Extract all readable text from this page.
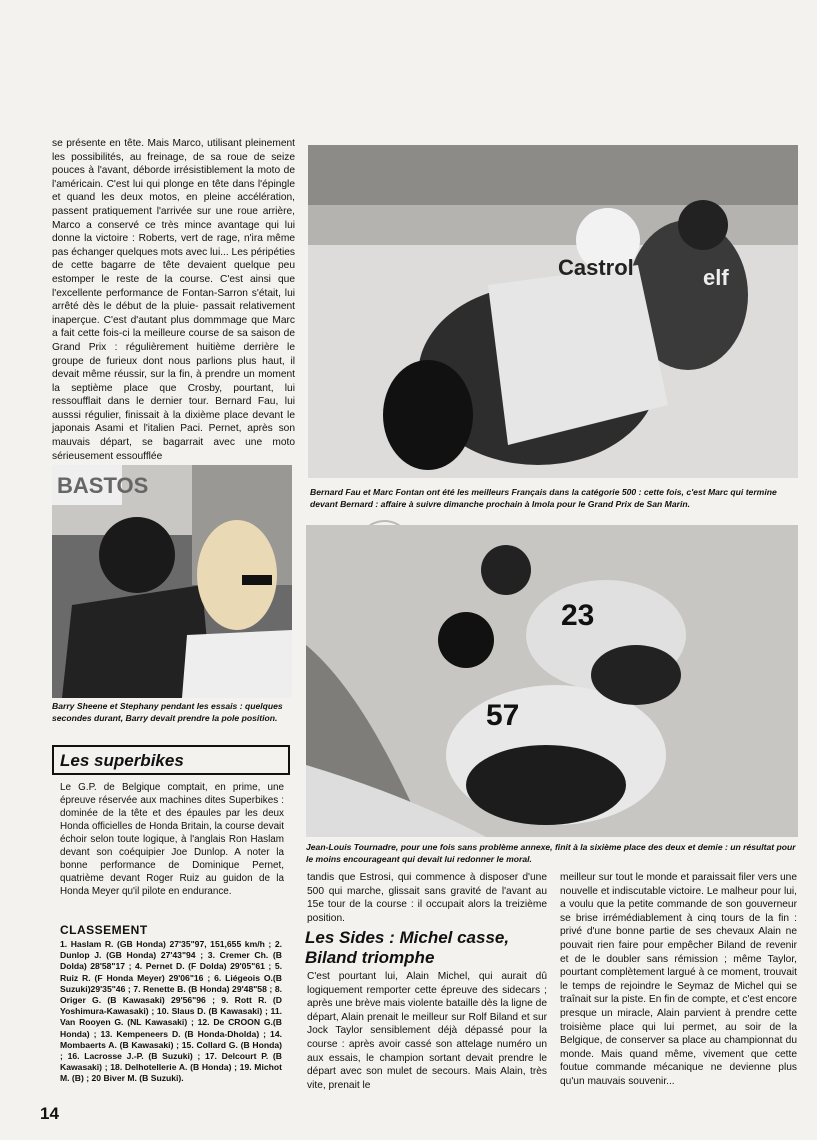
se présente en tête. Mais Marco, utilisant pleinement les possibilités, au freinage, de sa roue de seize pouces à l'avant, déborde irrésistiblement la moto de l'américain. C'est lui qui plonge en tête dans l'épingle et quand les deux motos, en pleine accélération, passent pratiquement l'arrivée sur une roue arrière, Marco a conservé ce très mince avantage qui lui donne la victoire : Roberts, vert de rage, n'ira même pas échanger quelques mots avec lui... Les péripéties de cette bagarre de tête devaient quelque peu estomper le reste de la course. C'est ainsi que l'excellente performance de Fontan-Sarron s'était, lui arrêté dès le début de la pluie- passait relativement inaperçue. C'est d'autant plus dommmage que Marc a fait cette fois-ci la meilleure course de sa saison de Grand Prix : régulièrement huitième derrière le groupe de furieux dont nous parlions plus haut, il devait même réussir, sur la fin, à prendre un moment la septième place que Crosby, pourtant, lui ressoufflait dans le dernier tour. Bernard Fau, lui ausssi régulier, finissait à la dixième place devant le japonais Asami et l'italien Paci. Pernet, après son mauvais départ, se bagarrait avec une moto sérieusement essoufflée
Castrol	elf
Bernard Fau et Marc Fontan ont été les meilleurs Français dans la catégorie 500 : cette fois, c'est Marc qui termine devant Bernard : affaire à suivre dimanche prochain à Imola pour le Grand Prix de San Marin.
BASTOS
Barry Sheene et Stephany pendant les essais : quelques secondes durant, Barry devait prendre la pole position.	57
23
Jean-Louis Tournadre, pour une fois sans problème annexe, finit à la sixième place des deux et demie : un résultat pour le moins encourageant qui devait lui redonner le moral.
Les superbikes
Le G.P. de Belgique comptait, en prime, une épreuve réservée aux machines dites Superbikes : dominée de la tête et des épaules par les deux Honda officielles de Honda Britain, la course devait échoir selon toute logique, à l'anglais Ron Haslam devant son coéquipier Joe Dunlop. A noter la bonne performance de Dominique Pernet, quatrième devant Roger Ruiz au guidon de la Honda Meyer qu'il pilote en endurance.
CLASSEMENT
1. Haslam R. (GB Honda) 27'35"97, 151,655 km/h ; 2. Dunlop J. (GB Honda) 27'43"94 ; 3. Cremer Ch. (B Dolda) 28'58"17 ; 4. Pernet D. (F Dolda) 29'05"61 ; 5. Ruiz R. (F Honda Meyer) 29'06"16 ; 6. Liégeois O.(B Suzuki)29'35"46 ; 7. Renette B. (B Honda) 29'48"58 ; 8. Origer G. (B Kawasaki) 29'56"96 ; 9. Rott R. (D Yoshimura-Kawasaki) ; 10. Slaus D. (B Kawasaki) ; 11. Van Rooyen G. (NL Kawasaki) ; 12. De CROON G.(B Honda) ; 13. Kempeneers D. (B Honda-Dholda) ; 14. Mombaerts A. (B Kawasaki) ; 15. Collard G. (B Honda) ; 16. Lacrosse J.-P. (B Suzuki) ; 17. Delcourt P. (B Kawasaki) ; 18. Delhotellerie A. (B Honda) ; 19. Michot M. (B) ; 20 Biver M. (B Suzuki).
tandis que Estrosi, qui commence à disposer d'une 500 qui marche, glissait sans gravité de l'avant au 15e tour de la course : il occupait alors la treizième position.
Les Sides : Michel casse,
Biland triomphe
C'est pourtant lui, Alain Michel, qui aurait dû logiquement remporter cette épreuve des sidecars ; après une brève mais violente bataille dès la ligne de départ, Alain prenait le meilleur sur Rolf Biland et sur Jock Taylor sensiblement déjà dépassé pour la course : après avoir cassé son attelage numéro un aux essais, le champion sortant devait prendre le départ avec son mulet de secours. Mais Alain, très vite, prenait le
meilleur sur tout le monde et paraissait filer vers une nouvelle et indiscutable victoire. Le malheur pour lui, a voulu que la petite commande de son gouverneur se brise irrémédiablement à cinq tours de la fin : privé d'une bonne partie de ses chevaux Alain ne pouvait rien faire pour empêcher Biland de revenir et de le doubler sans rémission ; même Taylor, pourtant complètement largué à ce moment, trouvait le temps de rejoindre le Seymaz de Michel qui se traînait sur la piste. En fin de compte, et c'est encore presque un miracle, Alain parvient à prendre cette troisième place qui lui permet, au soir de la Belgique, de conserver sa place au championnat du monde. Mais quand même, vivement que cette foutue commande mécanique ne devienne plus qu'un mauvais souvenir...
14
